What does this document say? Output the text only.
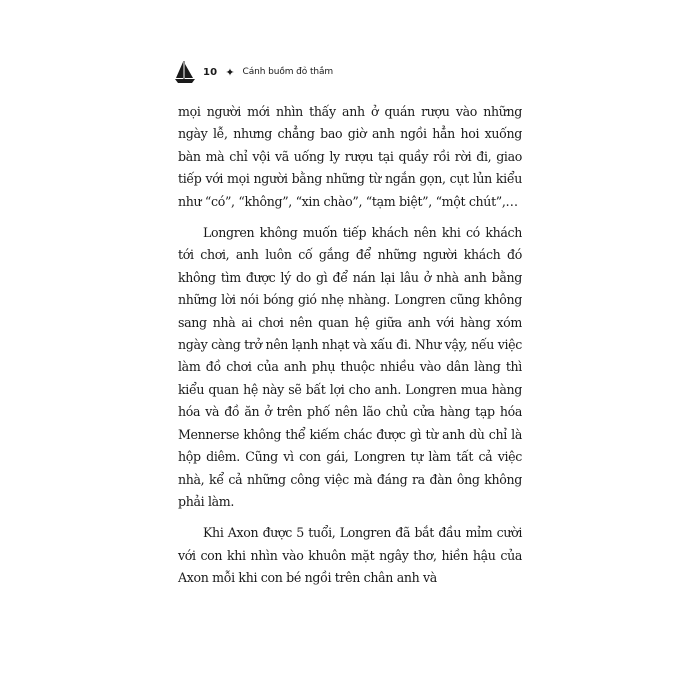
10 ✦ Cánh buồm đỏ thắm

mọi người mới nhìn thấy anh ở quán rượu vào những ngày lễ, nhưng chẳng bao giờ anh ngồi hẳn hoi xuống bàn mà chỉ vội vã uống ly rượu tại quầy rồi rời đi, giao tiếp với mọi người bằng những từ ngắn gọn, cụt lủn kiểu như “có”, “không”, “xin chào”, “tạm biệt”, “một chút”,…

Longren không muốn tiếp khách nên khi có khách tới chơi, anh luôn cố gắng để những người khách đó không tìm được lý do gì để nán lại lâu ở nhà anh bằng những lời nói bóng gió nhẹ nhàng. Longren cũng không sang nhà ai chơi nên quan hệ giữa anh với hàng xóm ngày càng trở nên lạnh nhạt và xấu đi. Như vậy, nếu việc làm đồ chơi của anh phụ thuộc nhiều vào dân làng thì kiểu quan hệ này sẽ bất lợi cho anh. Longren mua hàng hóa và đồ ăn ở trên phố nên lão chủ cửa hàng tạp hóa Mennerse không thể kiếm chác được gì từ anh dù chỉ là hộp diêm. Cũng vì con gái, Longren tự làm tất cả việc nhà, kể cả những công việc mà đáng ra đàn ông không phải làm.

Khi Axon được 5 tuổi, Longren đã bắt đầu mỉm cười với con khi nhìn vào khuôn mặt ngây thơ, hiền hậu của Axon mỗi khi con bé ngồi trên chân anh và
